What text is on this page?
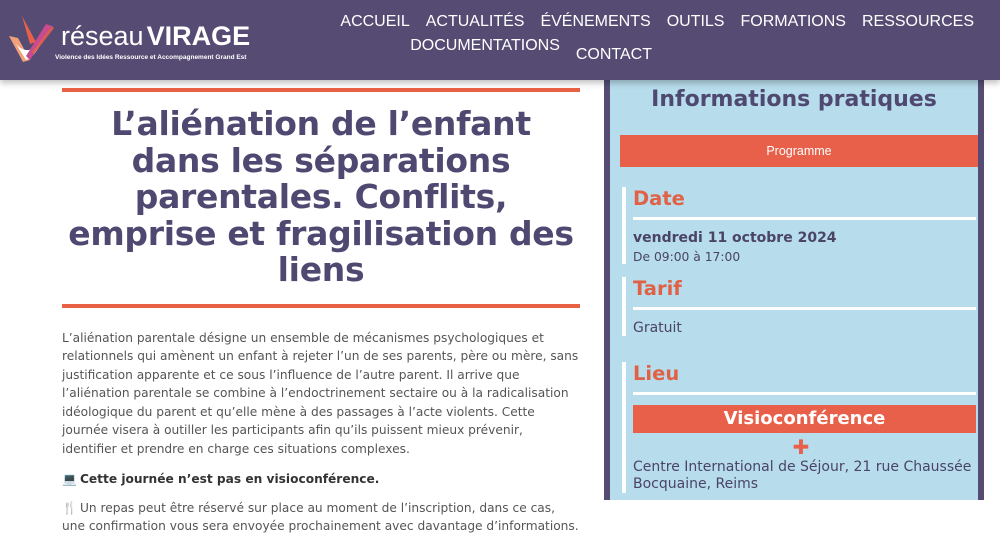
réseau VIRAGE
Violence des Idées Ressource et Accompagnement Grand Est
ACCUEIL ACTUALITÉS ÉVÉNEMENTS OUTILS FORMATIONS RESSOURCES
DOCUMENTATIONS
CONTACT
L’aliénation de l’enfant dans les séparations parentales. Conflits, emprise et fragilisation des liens

L’aliénation parentale désigne un ensemble de mécanismes psychologiques et relationnels qui amènent un enfant à rejeter l’un de ses parents, père ou mère, sans justification apparente et ce sous l’influence de l’autre parent. Il arrive que l’aliénation parentale se combine à l’endoctrinement sectaire ou à la radicalisation idéologique du parent et qu’elle mène à des passages à l’acte violents. Cette journée visera à outiller les participants afin qu’ils puissent mieux prévenir, identifier et prendre en charge ces situations complexes.

💻 Cette journée n’est pas en visioconférence.
🍴 Un repas peut être réservé sur place au moment de l’inscription, dans ce cas, une confirmation vous sera envoyée prochainement avec davantage d’informations.
Informations pratiques
Programme
Date
vendredi 11 octobre 2024
De 09:00 à 17:00
Tarif
Gratuit
Lieu
Visioconférence
✚
Centre International de Séjour, 21 rue Chaussée Bocquaine, Reims
